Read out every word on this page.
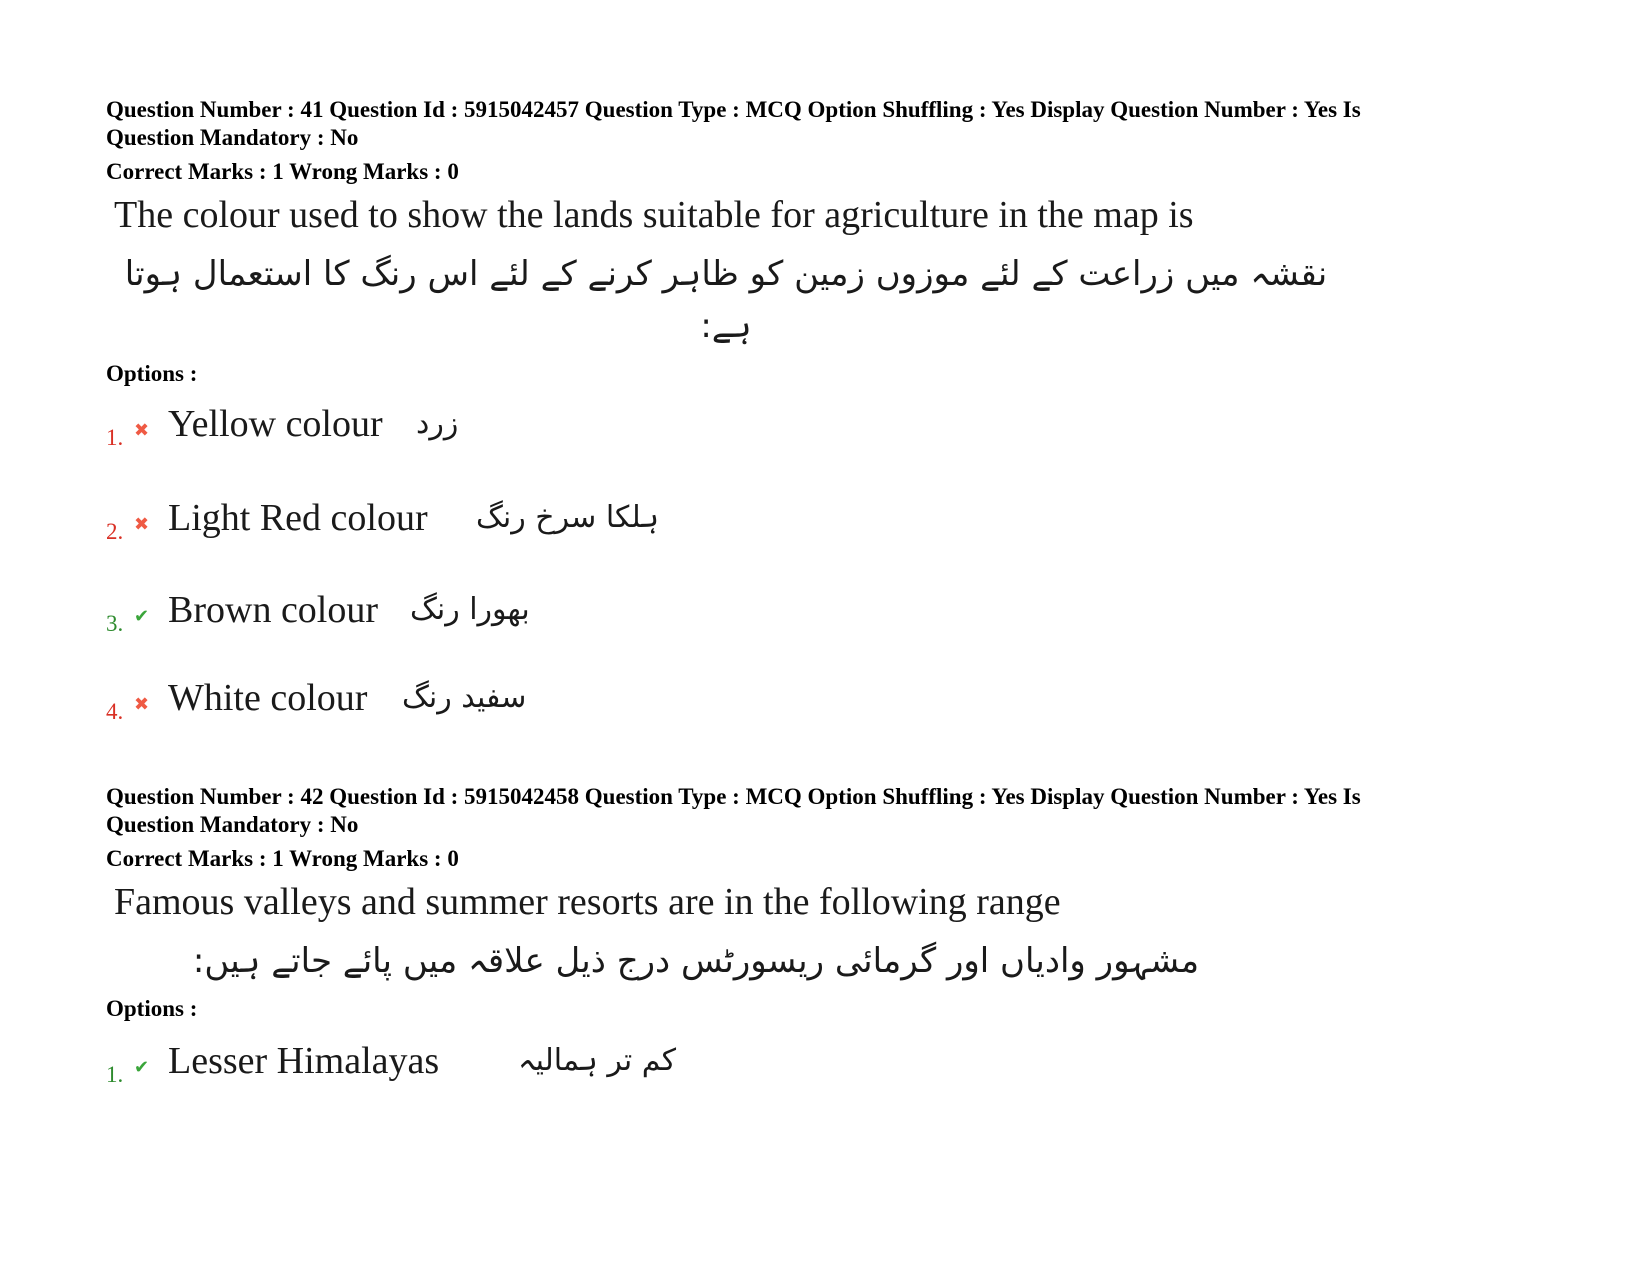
Question Number : 41 Question Id : 5915042457 Question Type : MCQ Option Shuffling : Yes Display Question Number : Yes Is
Question Mandatory : No
Correct Marks : 1 Wrong Marks : 0
The colour used to show the lands suitable for agriculture in the map is
نقشہ میں زراعت کے لئے موزوں زمین کو ظاہر کرنے کے لئے اس رنگ کا استعمال ہوتا ہے:
Options :
1. ✖ Yellow colour زرد
2. ✖ Light Red colour ہلکا سرخ رنگ
3. ✔ Brown colour بھورا رنگ
4. ✖ White colour سفید رنگ
Question Number : 42 Question Id : 5915042458 Question Type : MCQ Option Shuffling : Yes Display Question Number : Yes Is
Question Mandatory : No
Correct Marks : 1 Wrong Marks : 0
Famous valleys and summer resorts are in the following range
مشہور وادیاں اور گرمائی ریسورٹس درج ذیل علاقہ میں پائے جاتے ہیں:
Options :
1. ✔ Lesser Himalayas	کم تر ہمالیہ
